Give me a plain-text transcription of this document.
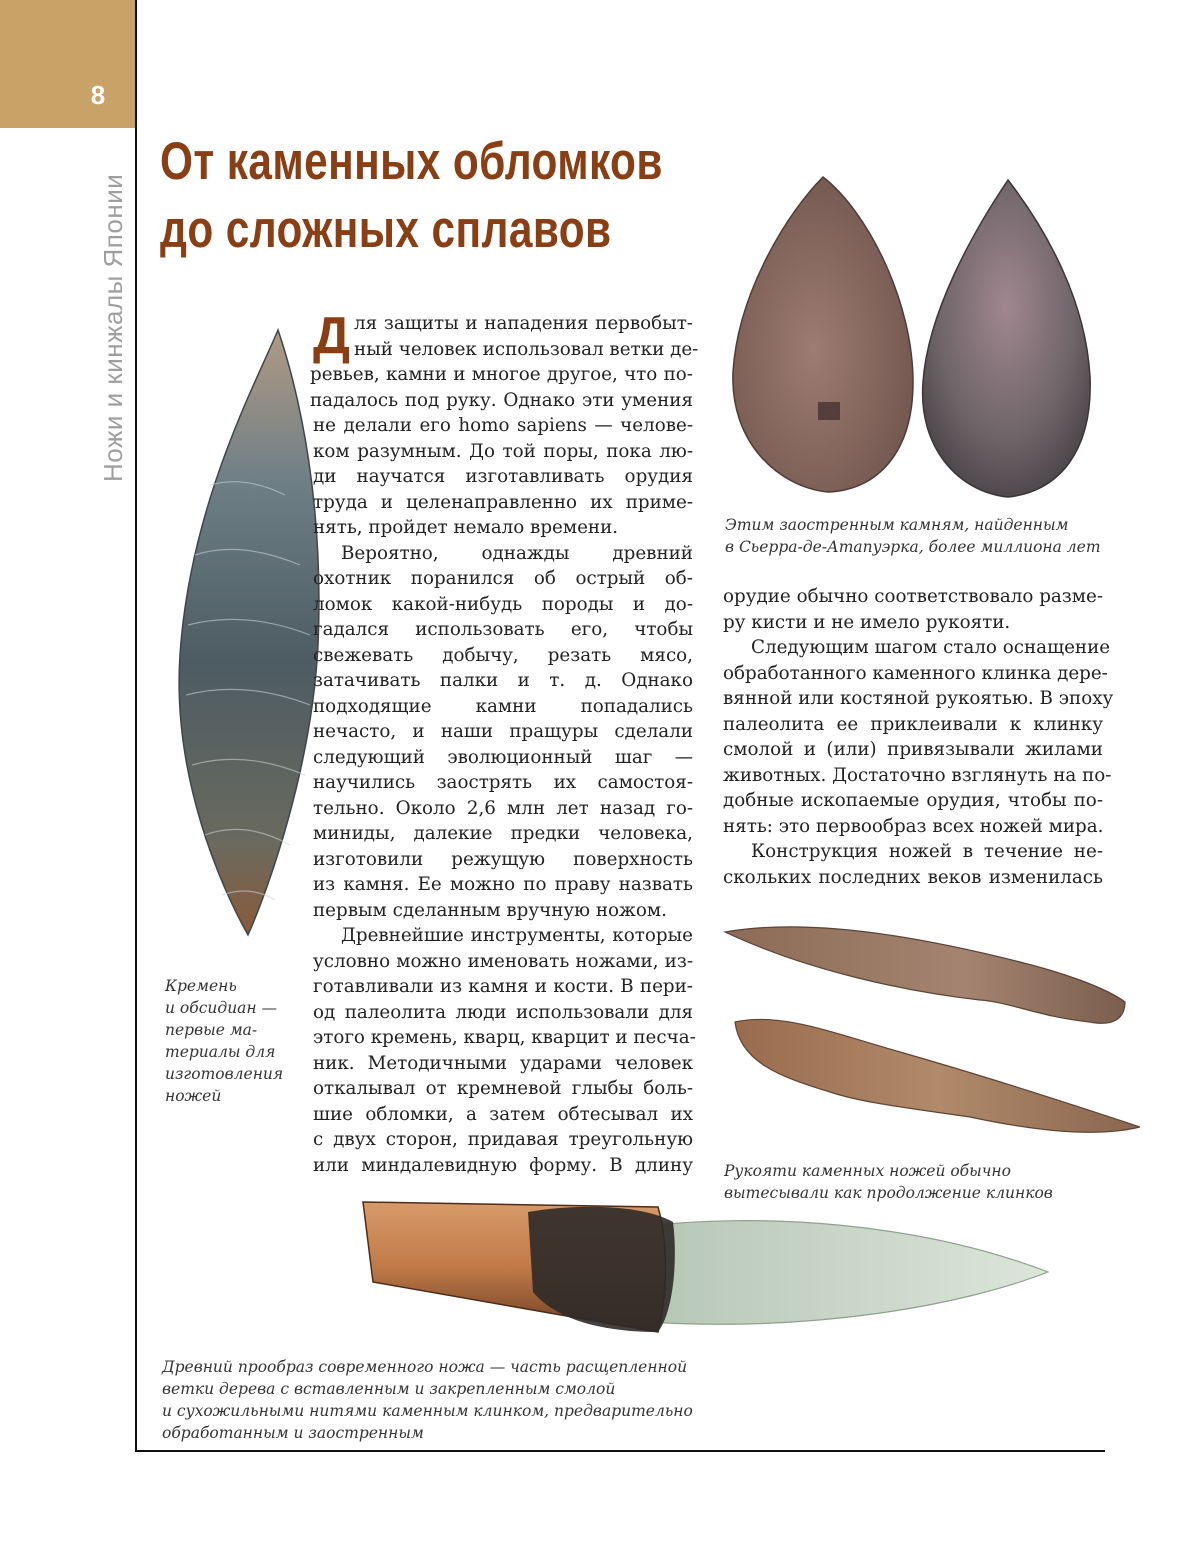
8
Ножи и кинжалы Японии
От каменных обломков
до сложных сплавов

Д ля защиты и нападения первобыт-
ный человек использовал ветки де-
ревьев, камни и многое другое, что по-

падалось под руку. Однако эти умения
не делали его homo sapiens — челове-
ком разумным. До той поры, пока лю-
ди научатся изготавливать орудия
труда и целенаправленно их приме-
нять, пройдет немало времени.
Вероятно, однажды древний
охотник поранился об острый об-
ломок какой-нибудь породы и до-
гадался использовать его, чтобы
свежевать добычу, резать мясо,
затачивать палки и т. д. Однако
подходящие камни попадались
нечасто, и наши пращуры сделали
следующий эволюционный шаг —
научились заострять их самостоя-
тельно. Около 2,6 млн лет назад го-
миниды, далекие предки человека,
изготовили режущую поверхность
из камня. Ее можно по праву назвать
первым сделанным вручную ножом.
Древнейшие инструменты, которые
условно можно именовать ножами, из-
готавливали из камня и кости. В пери-
од палеолита люди использовали для
этого кремень, кварц, кварцит и песча-
ник. Методичными ударами человек
откалывал от кремневой глыбы боль-
шие обломки, а затем обтесывал их
с двух сторон, придавая треугольную
или миндалевидную форму. В длину
орудие обычно соответствовало разме-
ру кисти и не имело рукояти.
Следующим шагом стало оснащение
обработанного каменного клинка дере-
вянной или костяной рукоятью. В эпоху
палеолита ее приклеивали к клинку
смолой и (или) привязывали жилами
животных. Достаточно взглянуть на по-
добные ископаемые орудия, чтобы по-
нять: это первообраз всех ножей мира.
Конструкция ножей в течение не-
скольких последних веков изменилась
Кремень
и обсидиан —
первые ма-
териалы для
изготовления
ножей
Этим заостренным камням, найденным
в Сьерра-де-Атапуэрка, более миллиона лет
Рукояти каменных ножей обычно
вытесывали как продолжение клинков
Древний прообраз современного ножа — часть расщепленной
ветки дерева с вставленным и закрепленным смолой
и сухожильными нитями каменным клинком, предварительно
обработанным и заостренным
